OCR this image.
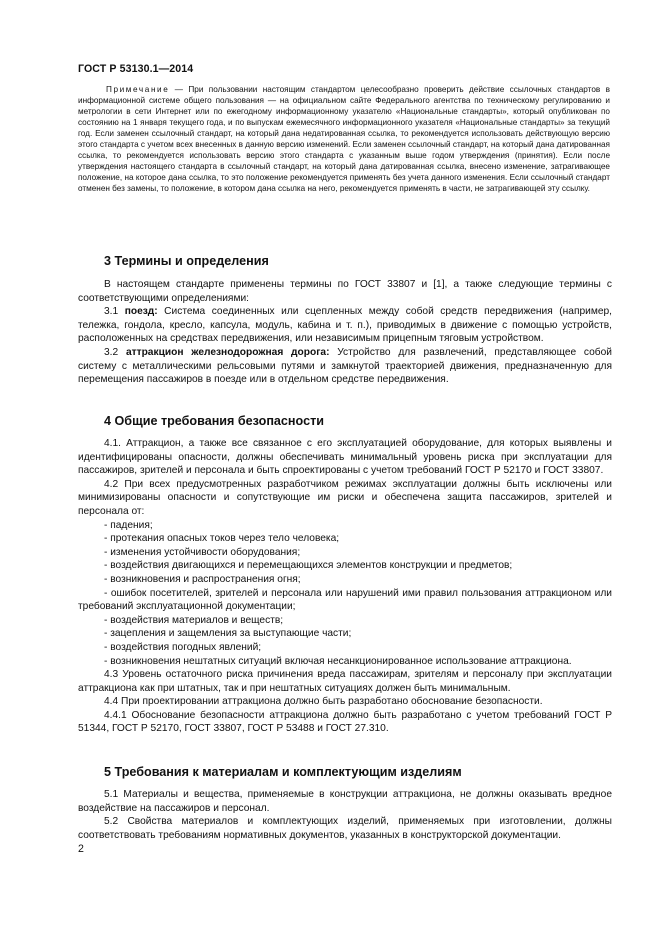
ГОСТ Р 53130.1—2014
Примечание — При пользовании настоящим стандартом целесообразно проверить действие ссылочных стандартов в информационной системе общего пользования — на официальном сайте Федерального агентства по техническому регулированию и метрологии в сети Интернет или по ежегодному информационному указателю «Национальные стандарты», который опубликован по состоянию на 1 января текущего года, и по выпускам ежемесячного информационного указателя «Национальные стандарты» за текущий год. Если заменен ссылочный стандарт, на который дана недатированная ссылка, то рекомендуется использовать действующую версию этого стандарта с учетом всех внесенных в данную версию изменений. Если заменен ссылочный стандарт, на который дана датированная ссылка, то рекомендуется использовать версию этого стандарта с указанным выше годом утверждения (принятия). Если после утверждения настоящего стандарта в ссылочный стандарт, на который дана датированная ссылка, внесено изменение, затрагивающее положение, на которое дана ссылка, то это положение рекомендуется применять без учета данного изменения. Если ссылочный стандарт отменен без замены, то положение, в котором дана ссылка на него, рекомендуется применять в части, не затрагивающей эту ссылку.
3 Термины и определения

В настоящем стандарте применены термины по ГОСТ 33807 и [1], а также следующие термины с соответствующими определениями:

3.1 поезд: Система соединенных или сцепленных между собой средств передвижения (например, тележка, гондола, кресло, капсула, модуль, кабина и т. п.), приводимых в движение с помощью устройств, расположенных на средствах передвижения, или независимым прицепным тяговым устройством.

3.2 аттракцион железнодорожная дорога: Устройство для развлечений, представляющее собой систему с металлическими рельсовыми путями и замкнутой траекторией движения, предназначенную для перемещения пассажиров в поезде или в отдельном средстве передвижения.

4 Общие требования безопасности

4.1. Аттракцион, а также все связанное с его эксплуатацией оборудование, для которых выявлены и идентифицированы опасности, должны обеспечивать минимальный уровень риска при эксплуатации для пассажиров, зрителей и персонала и быть спроектированы с учетом требований ГОСТ Р 52170 и ГОСТ 33807.

4.2 При всех предусмотренных разработчиком режимах эксплуатации должны быть исключены или минимизированы опасности и сопутствующие им риски и обеспечена защита пассажиров, зрителей и персонала от:

- падения;

- протекания опасных токов через тело человека;

- изменения устойчивости оборудования;

- воздействия двигающихся и перемещающихся элементов конструкции и предметов;

- возникновения и распространения огня;

- ошибок посетителей, зрителей и персонала или нарушений ими правил пользования аттракционом или требований эксплуатационной документации;

- воздействия материалов и веществ;

- зацепления и защемления за выступающие части;

- воздействия погодных явлений;

- возникновения нештатных ситуаций включая несанкционированное использование аттракциона.

4.3 Уровень остаточного риска причинения вреда пассажирам, зрителям и персоналу при эксплуатации аттракциона как при штатных, так и при нештатных ситуациях должен быть минимальным.

4.4 При проектировании аттракциона должно быть разработано обоснование безопасности.

4.4.1 Обоснование безопасности аттракциона должно быть разработано с учетом требований ГОСТ Р 51344, ГОСТ Р 52170, ГОСТ 33807, ГОСТ Р 53488 и ГОСТ 27.310.

5 Требования к материалам и комплектующим изделиям

5.1 Материалы и вещества, применяемые в конструкции аттракциона, не должны оказывать вредное воздействие на пассажиров и персонал.

5.2 Свойства материалов и комплектующих изделий, применяемых при изготовлении, должны соответствовать требованиям нормативных документов, указанных в конструкторской документации.

2
